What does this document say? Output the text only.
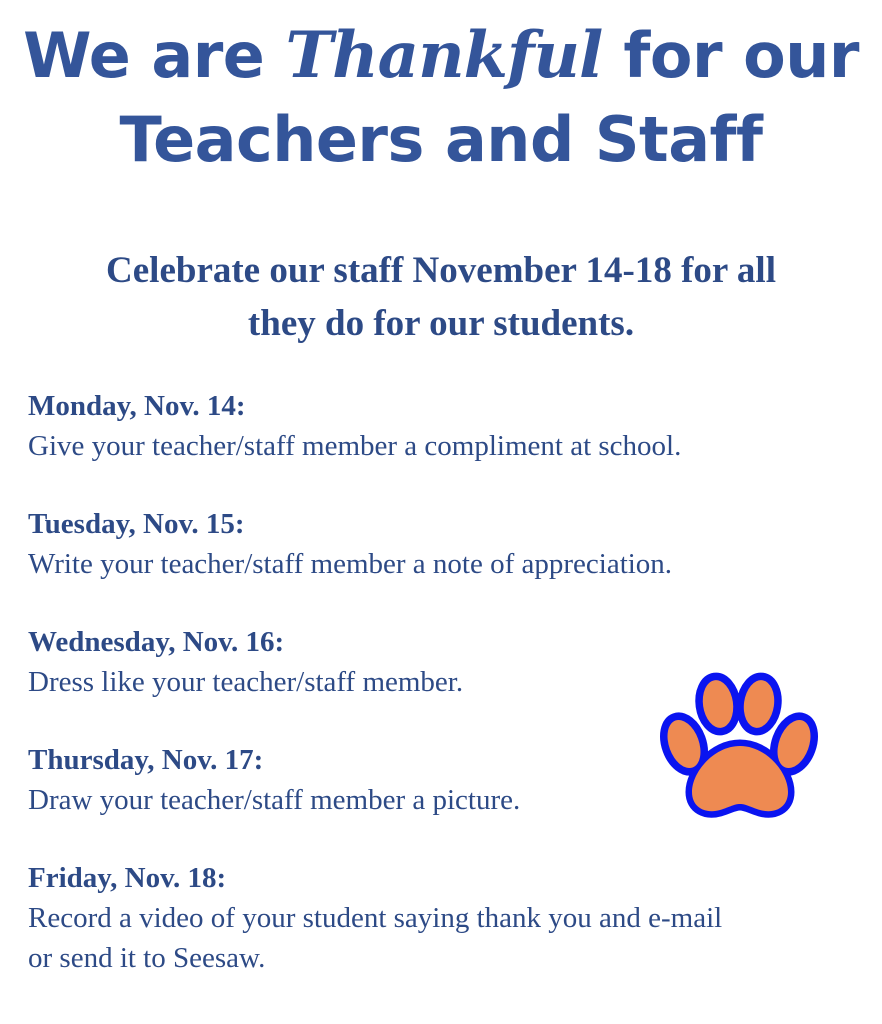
We are Thankful for our
Teachers and Staff
Celebrate our staff November 14-18 for all
they do for our students.
Monday, Nov. 14:
Give your teacher/staff member a compliment at school.
Tuesday, Nov. 15:
Write your teacher/staff member a note of appreciation.
Wednesday, Nov. 16:
Dress like your teacher/staff member.
Thursday, Nov. 17:
Draw your teacher/staff member a picture.
Friday, Nov. 18:
Record a video of your student saying thank you and e-mail
or send it to Seesaw.
